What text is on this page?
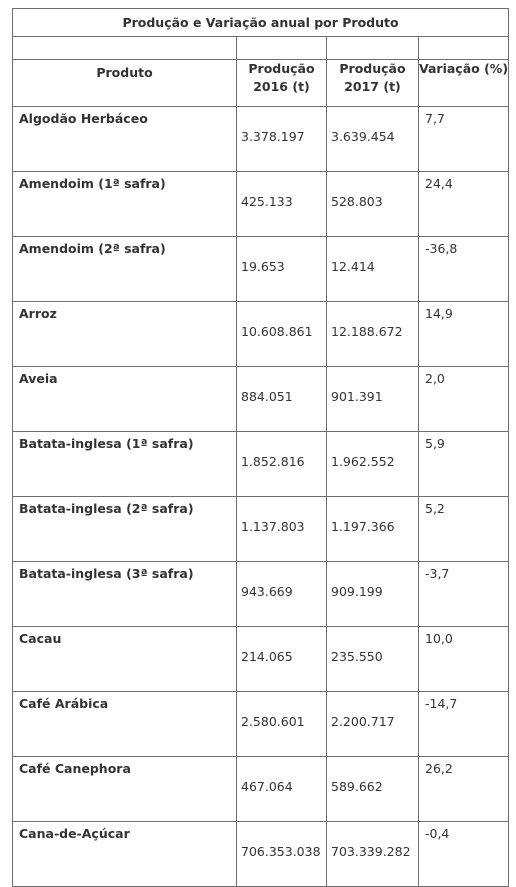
Produção e Variação anual por Produto			

Produto	Produção 2016 (t)	Produção 2017 (t)	Variação (%)
Algodão Herbáceo	3.378.197	3.639.454	7,7
Amendoim (1ª safra)	425.133	528.803	24,4
Amendoim (2ª safra)	19.653	12.414	-36,8
Arroz	10.608.861	12.188.672	14,9
Aveia	884.051	901.391	2,0
Batata-inglesa (1ª safra)	1.852.816	1.962.552	5,9
Batata-inglesa (2ª safra)	1.137.803	1.197.366	5,2
Batata-inglesa (3ª safra)	943.669	909.199	-3,7
Cacau	214.065	235.550	10,0
Café Arábica	2.580.601	2.200.717	-14,7
Café Canephora	467.064	589.662	26,2
Cana-de-Açúcar	706.353.038	703.339.282	-0,4
